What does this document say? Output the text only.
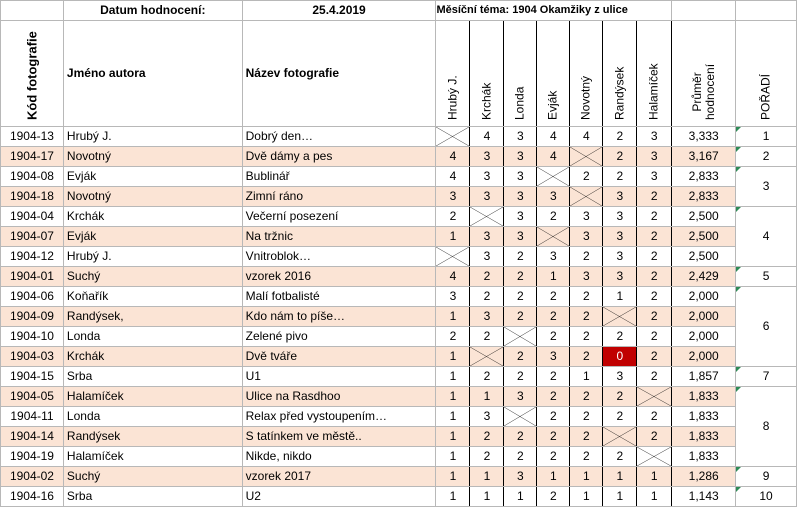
	Datum hodnocení:	25.4.2019	Měsíční téma: 1904 Okamžiky z ulice								

Kód fotografie	Jméno autora	Název fotografie	Hrubý J.	Krchák	Londa	Evják	Novotný	Randýsek	Halamíček	Průměr
hodnocení	POŘADÍ

1904-13	Hrubý J.	Dobrý den…		4	3	4	4	2	3	3,333	1
1904-17	Novotný	Dvě dámy a pes	4	3	3	4		2	3	3,167	2
1904-08	Evják	Bublinář	4	3	3		2	2	3	2,833	3
1904-18	Novotný	Zimní ráno	3	3	3	3		3	2	2,833	
1904-04	Krchák	Večerní posezení	2		3	2	3	3	2	2,500	4
1904-07	Evják	Na tržnic	1	3	3		3	3	2	2,500	
1904-12	Hrubý J.	Vnitroblok…		3	2	3	2	3	2	2,500	
1904-01	Suchý	vzorek 2016	4	2	2	1	3	3	2	2,429	5
1904-06	Koňařík	Malí fotbalisté	3	2	2	2	2	1	2	2,000	6
1904-09	Randýsek,	Kdo nám to píše…	1	3	2	2	2		2	2,000	
1904-10	Londa	Zelené pivo	2	2		2	2	2	2	2,000	
1904-03	Krchák	Dvě tváře	1		2	3	2	0	2	2,000	
1904-15	Srba	U1	1	2	2	2	1	3	2	1,857	7
1904-05	Halamíček	Ulice na Rasdhoo	1	1	3	2	2	2		1,833	8
1904-11	Londa	Relax před vystoupením…	1	3		2	2	2	2	1,833	
1904-14	Randýsek	S tatínkem ve městě..	1	2	2	2	2		2	1,833	
1904-19	Halamíček	Nikde, nikdo	1	2	2	2	2	2		1,833	
1904-02	Suchý	vzorek 2017	1	1	3	1	1	1	1	1,286	9
1904-16	Srba	U2	1	1	1	2	1	1	1	1,143	10
